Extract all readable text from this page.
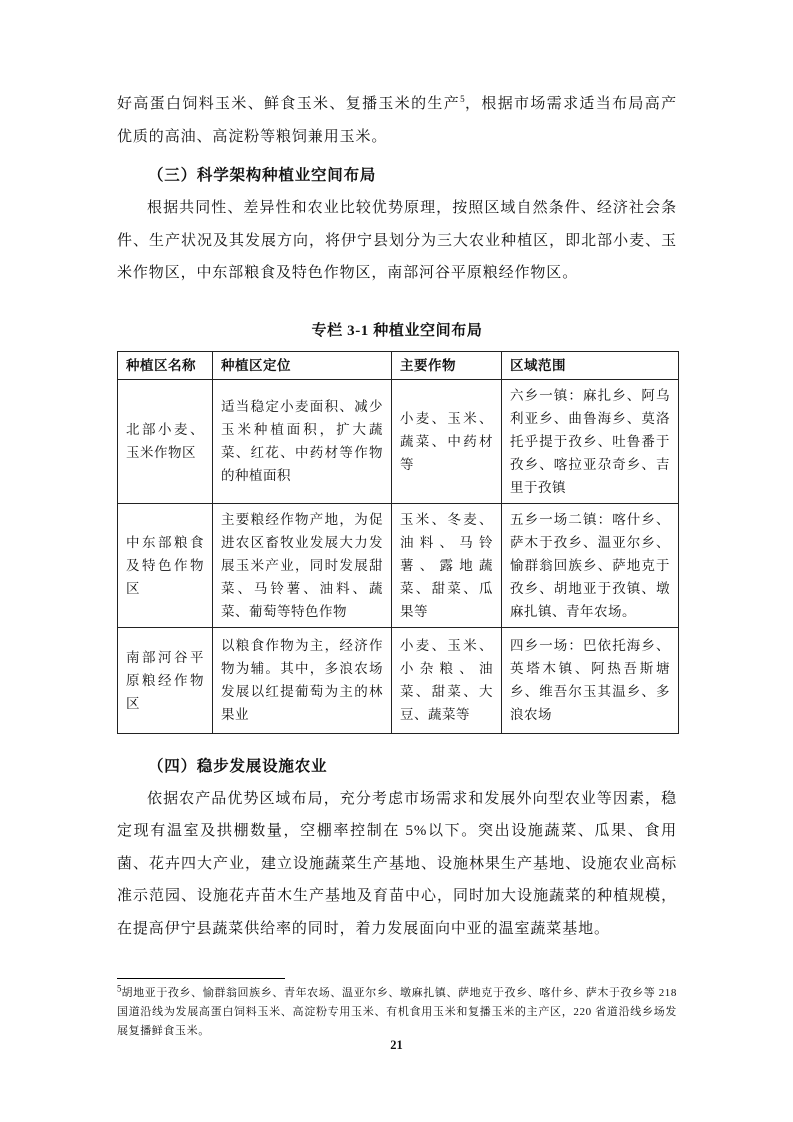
好高蛋白饲料玉米、鲜食玉米、复播玉米的生产$^5$，根据市场需求适当布局高产优质的高油、高淀粉等粮饲兼用玉米。

（三）科学架构种植业空间布局

根据共同性、差异性和农业比较优势原理，按照区域自然条件、经济社会条件、生产状况及其发展方向，将伊宁县划分为三大农业种植区，即北部小麦、玉米作物区，中东部粮食及特色作物区，南部河谷平原粮经作物区。

专栏 3-1 种植业空间布局
种植区名称	种植区定位	主要作物	区域范围
北部小麦、玉米作物区	适当稳定小麦面积、减少玉米种植面积，扩大蔬菜、红花、中药材等作物的种植面积	小麦、玉米、蔬菜、中药材等	六乡一镇：麻扎乡、阿乌利亚乡、曲鲁海乡、莫洛托乎提于孜乡、吐鲁番于孜乡、喀拉亚尕奇乡、吉里于孜镇
中东部粮食及特色作物区	主要粮经作物产地，为促进农区畜牧业发展大力发展玉米产业，同时发展甜菜、马铃薯、油料、蔬菜、葡萄等特色作物	玉米、冬麦、油料、马铃薯、露地蔬菜、甜菜、瓜果等	五乡一场二镇：喀什乡、萨木于孜乡、温亚尔乡、愉群翁回族乡、萨地克于孜乡、胡地亚于孜镇、墩麻扎镇、青年农场。
南部河谷平原粮经作物区	以粮食作物为主，经济作物为辅。其中，多浪农场发展以红提葡萄为主的林果业	小麦、玉米、小杂粮、油菜、甜菜、大豆、蔬菜等	四乡一场：巴依托海乡、英塔木镇、阿热吾斯塘乡、维吾尔玉其温乡、多浪农场
（四）稳步发展设施农业

依据农产品优势区域布局，充分考虑市场需求和发展外向型农业等因素，稳定现有温室及拱棚数量，空棚率控制在 5%以下。突出设施蔬菜、瓜果、食用菌、花卉四大产业，建立设施蔬菜生产基地、设施林果生产基地、设施农业高标准示范园、设施花卉苗木生产基地及育苗中心，同时加大设施蔬菜的种植规模，在提高伊宁县蔬菜供给率的同时，着力发展面向中亚的温室蔬菜基地。

$^5$胡地亚于孜乡、愉群翁回族乡、青年农场、温亚尔乡、墩麻扎镇、萨地克于孜乡、喀什乡、萨木于孜乡等 218 国道沿线为发展高蛋白饲料玉米、高淀粉专用玉米、有机食用玉米和复播玉米的主产区，220 省道沿线乡场发展复播鲜食玉米。

21
